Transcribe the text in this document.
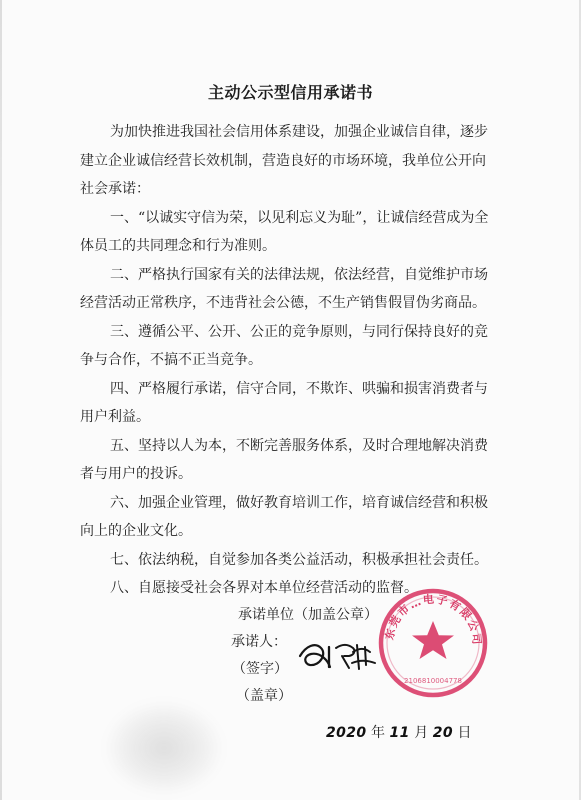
主动公示型信用承诺书

为加快推进我国社会信用体系建设，加强企业诚信自律，逐步建立企业诚信经营长效机制，营造良好的市场环境，我单位公开向社会承诺：

一、“以诚实守信为荣，以见利忘义为耻”，让诚信经营成为全体员工的共同理念和行为准则。

二、严格执行国家有关的法律法规，依法经营，自觉维护市场经营活动正常秩序，不违背社会公德，不生产销售假冒伪劣商品。

三、遵循公平、公开、公正的竞争原则，与同行保持良好的竞争与合作，不搞不正当竞争。

四、严格履行承诺，信守合同，不欺诈、哄骗和损害消费者与用户利益。

五、坚持以人为本，不断完善服务体系，及时合理地解决消费者与用户的投诉。

六、加强企业管理，做好教育培训工作，培育诚信经营和积极向上的企业文化。

七、依法纳税，自觉参加各类公益活动，积极承担社会责任。

八、自愿接受社会各界对本单位经营活动的监督。

承诺单位（加盖公章）
承诺人：
（签字）
（盖章）
东莞市…电子有限公司
2106810004778
2020 年 11 月 20 日
